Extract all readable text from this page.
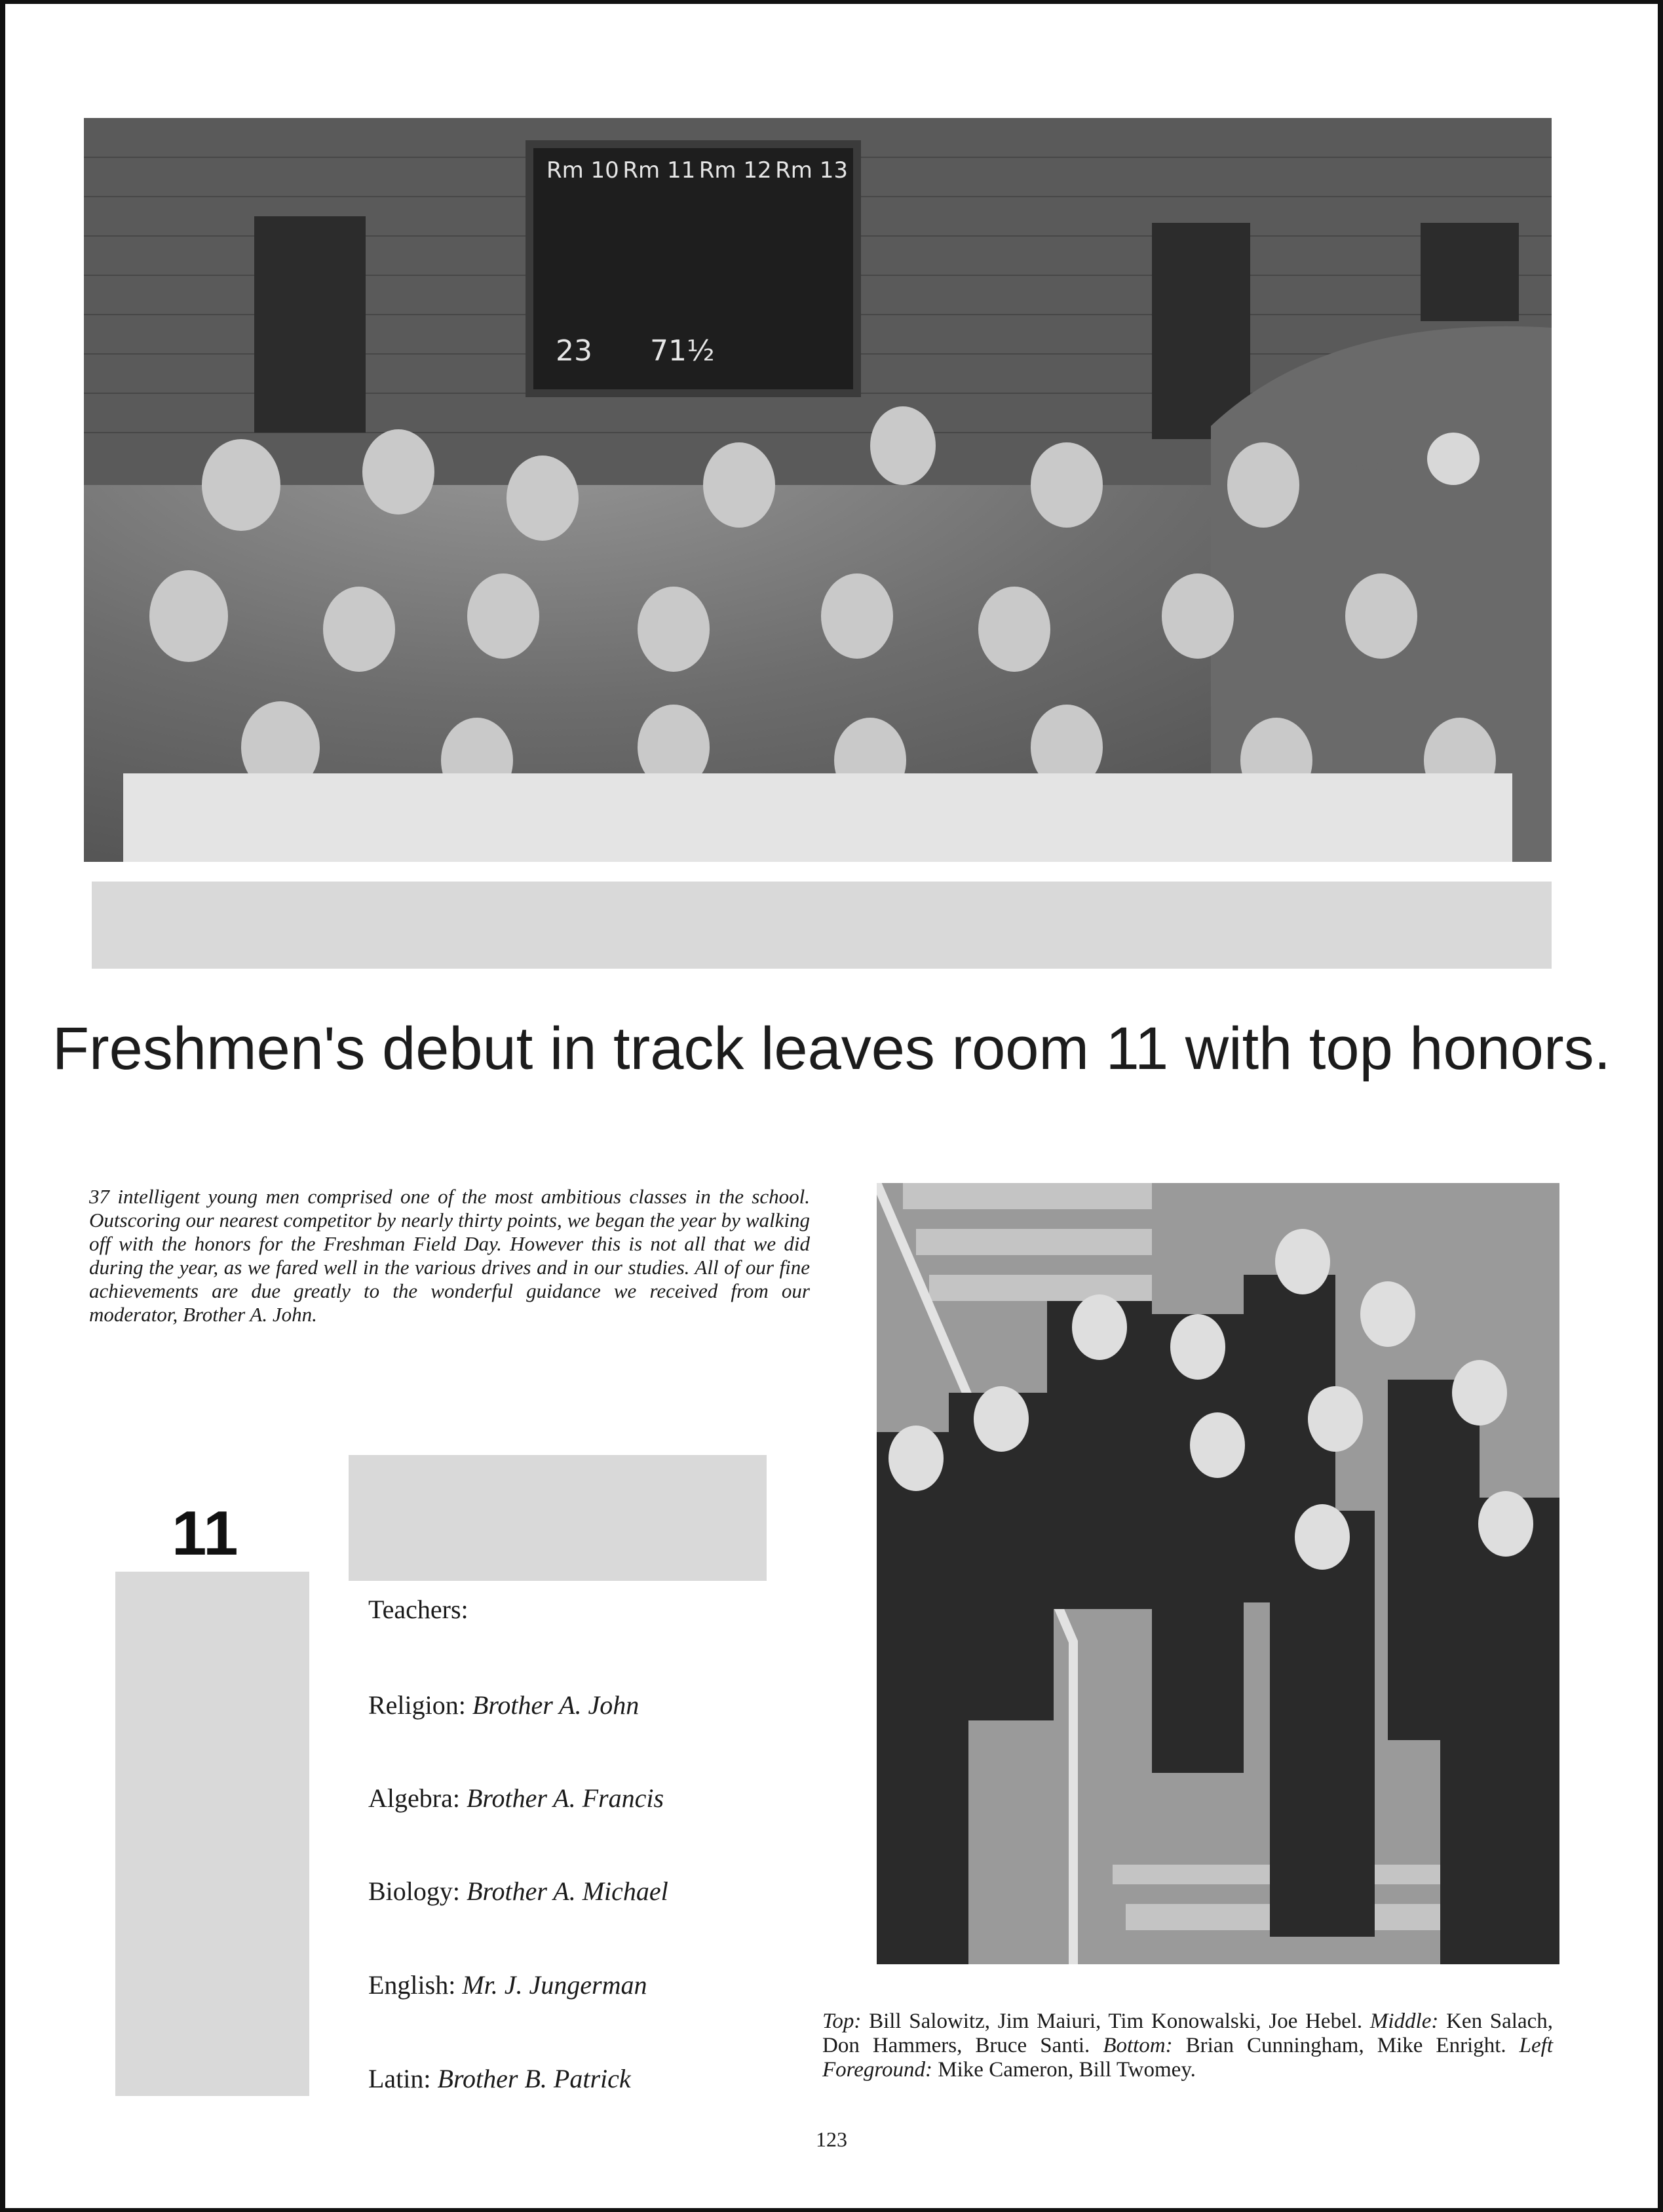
Rm 10 Rm 11 Rm 12 Rm 13
23 71½
Coca-Cola
Freshmen's debut in track leaves room 11 with top honors.
37 intelligent young men comprised one of the most ambitious classes in the school. Outscoring our nearest competitor by nearly thirty points, we began the year by walking off with the honors for the Freshman Field Day. However this is not all that we did during the year, as we fared well in the various drives and in our studies. All of our fine achievements are due greatly to the wonderful guidance we received from our moderator, Brother A. John.
11
Teachers:
Religion: Brother A. John
Algebra: Brother A. Francis
Biology: Brother A. Michael
English: Mr. J. Jungerman
Latin: Brother B. Patrick
Top: Bill Salowitz, Jim Maiuri, Tim Konowalski, Joe Hebel. Middle: Ken Salach, Don Hammers, Bruce Santi. Bottom: Brian Cunningham, Mike Enright. Left Foreground: Mike Cameron, Bill Twomey.
123
